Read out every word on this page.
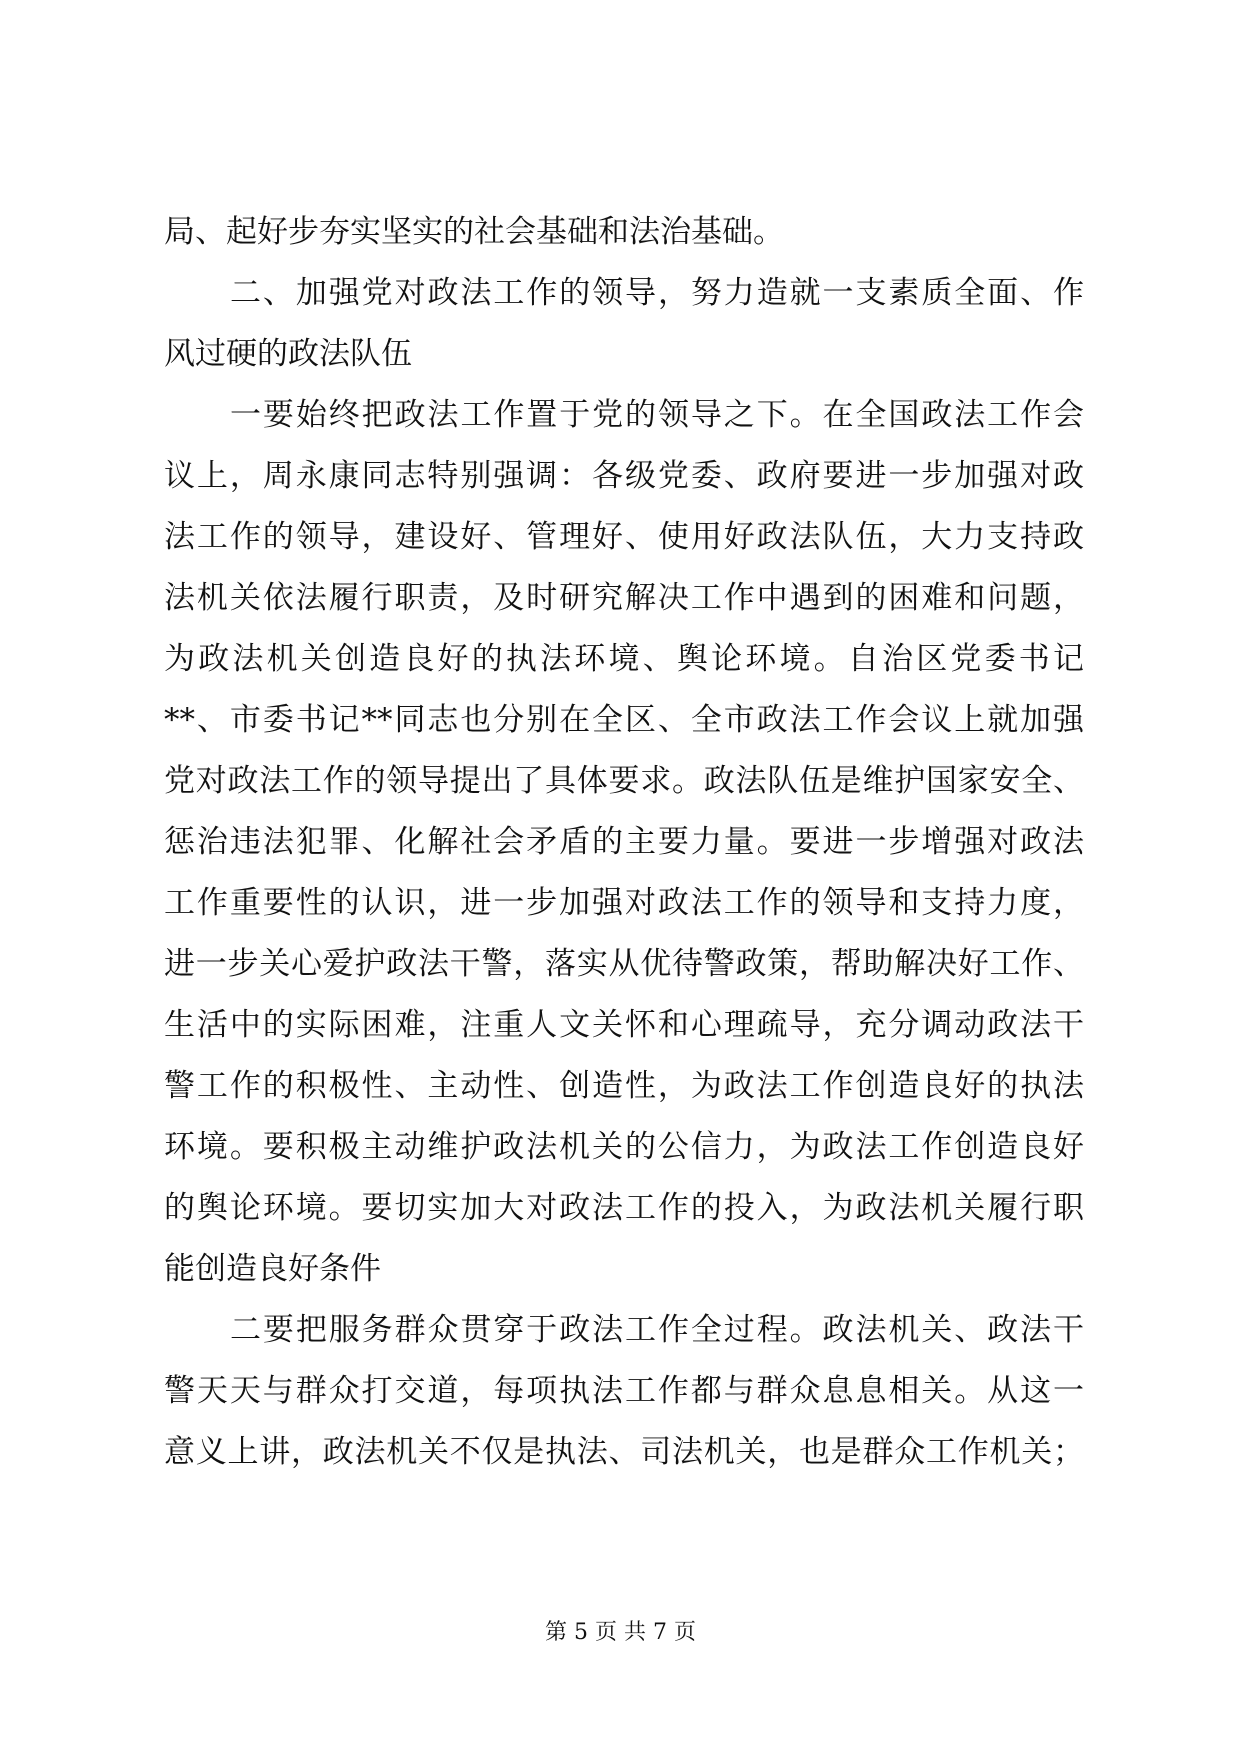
局、起好步夯实坚实的社会基础和法治基础。
二、加强党对政法工作的领导，努力造就一支素质全面、作
风过硬的政法队伍
一要始终把政法工作置于党的领导之下。在全国政法工作会
议上，周永康同志特别强调：各级党委、政府要进一步加强对政
法工作的领导，建设好、管理好、使用好政法队伍，大力支持政
法机关依法履行职责，及时研究解决工作中遇到的困难和问题，
为政法机关创造良好的执法环境、舆论环境。自治区党委书记
**、市委书记**同志也分别在全区、全市政法工作会议上就加强
党对政法工作的领导提出了具体要求。政法队伍是维护国家安全、
惩治违法犯罪、化解社会矛盾的主要力量。要进一步增强对政法
工作重要性的认识，进一步加强对政法工作的领导和支持力度，
进一步关心爱护政法干警，落实从优待警政策，帮助解决好工作、
生活中的实际困难，注重人文关怀和心理疏导，充分调动政法干
警工作的积极性、主动性、创造性，为政法工作创造良好的执法
环境。要积极主动维护政法机关的公信力，为政法工作创造良好
的舆论环境。要切实加大对政法工作的投入，为政法机关履行职
能创造良好条件
二要把服务群众贯穿于政法工作全过程。政法机关、政法干
警天天与群众打交道，每项执法工作都与群众息息相关。从这一
意义上讲，政法机关不仅是执法、司法机关，也是群众工作机关；
第 5 页 共 7 页
